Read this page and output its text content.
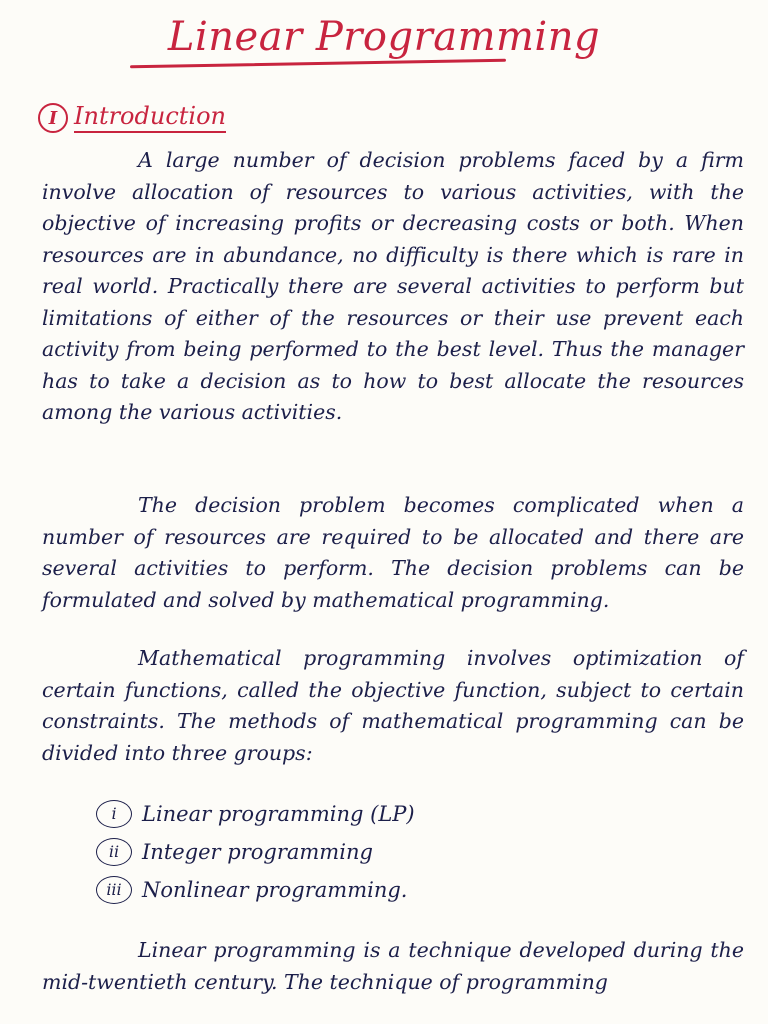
Linear Programming
I Introduction
A large number of decision problems faced by a firm involve allocation of resources to various activities, with the objective of increasing profits or decreasing costs or both. When resources are in abundance, no difficulty is there which is rare in real world. Practically there are several activities to perform but limitations of either of the resources or their use prevent each activity from being performed to the best level. Thus the manager has to take a decision as to how to best allocate the resources among the various activities.
The decision problem becomes complicated when a number of resources are required to be allocated and there are several activities to perform. The decision problems can be formulated and solved by mathematical programming.
Mathematical programming involves optimization of certain functions, called the objective function, subject to certain constraints. The methods of mathematical programming can be divided into three groups:
i	Linear programming (LP)
ii	Integer programming
iii Nonlinear programming.
Linear programming is a technique developed during the mid-twentieth century. The technique of programming
